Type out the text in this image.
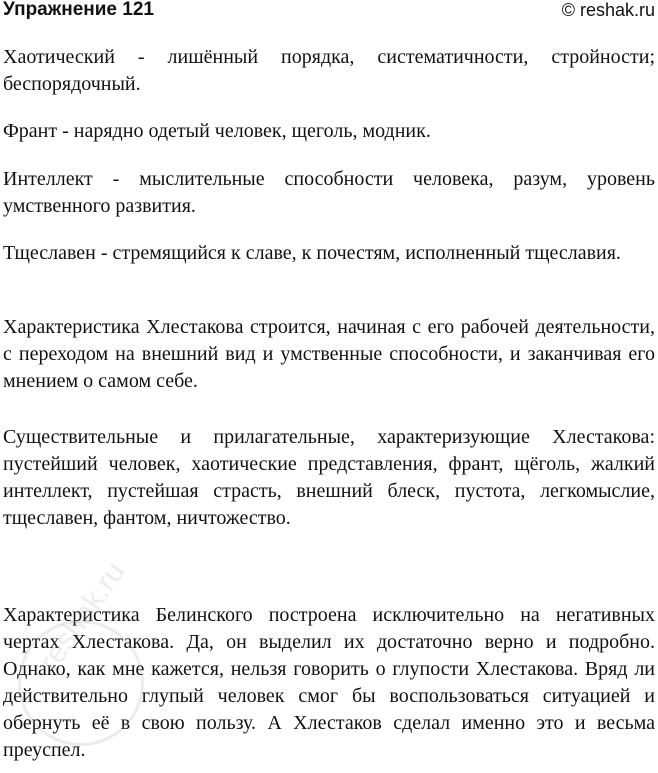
Упражнение 121	© reshak.ru

Хаотический - лишённый порядка, систематичности, стройности; беспорядочный.

Франт - нарядно одетый человек, щеголь, модник.

Интеллект - мыслительные способности человека, разум, уровень умственного развития.

Тщеславен - стремящийся к славе, к почестям, исполненный тщеславия.

Характеристика Хлестакова строится, начиная с его рабочей деятельности, с переходом на внешний вид и умственные способности, и заканчивая его мнением о самом себе.

Существительные и прилагательные, характеризующие Хлестакова: пустейший человек, хаотические представления, франт, щёголь, жалкий интеллект, пустейшая страсть, внешний блеск, пустота, легкомыслие, тщеславен, фантом, ничтожество.

Характеристика Белинского построена исключительно на негативных чертах Хлестакова. Да, он выделил их достаточно верно и подробно. Однако, как мне кажется, нельзя говорить о глупости Хлестакова. Вряд ли действительно глупый человек смог бы воспользоваться ситуацией и обернуть её в свою пользу. А Хлестаков сделал именно это и весьма преуспел.

reshak.ru
